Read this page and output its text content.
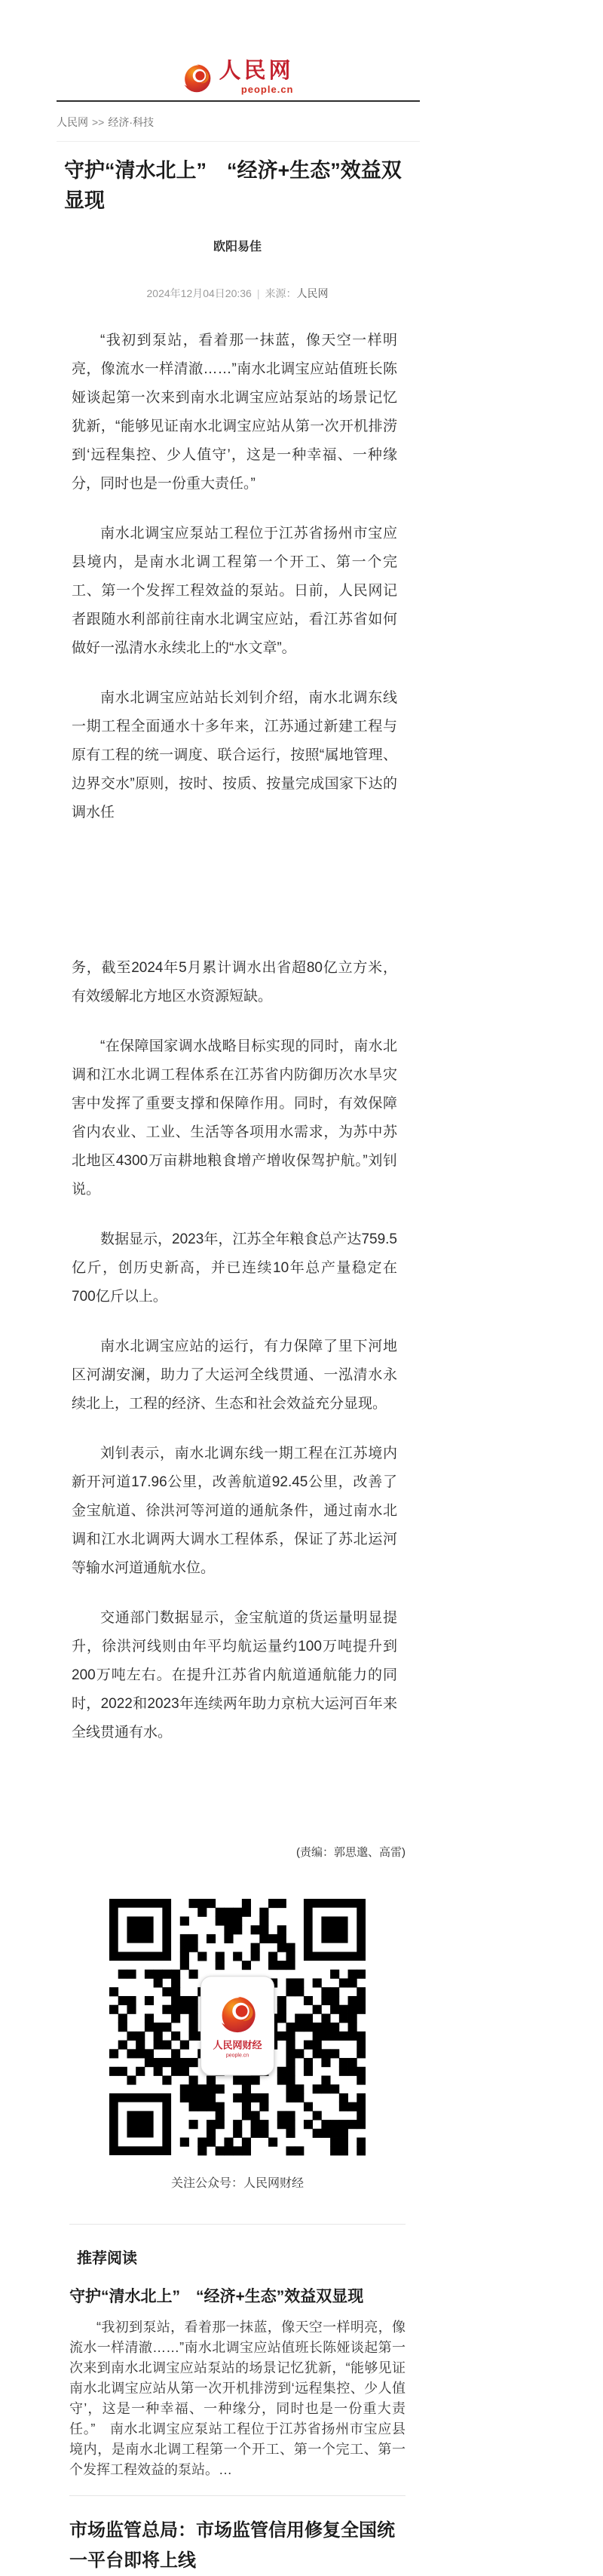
人民网
people.cn
人民网 >> 经济·科技
守护“清水北上”　“经济+生态”效益双显现
欧阳易佳
2024年12月04日20:36 | 来源：人民网

“我初到泵站，看着那一抹蓝，像天空一样明亮，像流水一样清澈……”南水北调宝应站值班长陈娅谈起第一次来到南水北调宝应站泵站的场景记忆犹新，“能够见证南水北调宝应站从第一次开机排涝到‘远程集控、少人值守’，这是一种幸福、一种缘分，同时也是一份重大责任。”

南水北调宝应泵站工程位于江苏省扬州市宝应县境内，是南水北调工程第一个开工、第一个完工、第一个发挥工程效益的泵站。日前，人民网记者跟随水利部前往南水北调宝应站，看江苏省如何做好一泓清水永续北上的“水文章”。

南水北调宝应站站长刘钊介绍，南水北调东线一期工程全面通水十多年来，江苏通过新建工程与原有工程的统一调度、联合运行，按照“属地管理、边界交水”原则，按时、按质、按量完成国家下达的调水任

务，截至2024年5月累计调水出省超80亿立方米，有效缓解北方地区水资源短缺。

“在保障国家调水战略目标实现的同时，南水北调和江水北调工程体系在江苏省内防御历次水旱灾害中发挥了重要支撑和保障作用。同时，有效保障省内农业、工业、生活等各项用水需求，为苏中苏北地区4300万亩耕地粮食增产增收保驾护航。”刘钊说。

数据显示，2023年，江苏全年粮食总产达759.5亿斤，创历史新高，并已连续10年总产量稳定在700亿斤以上。

南水北调宝应站的运行，有力保障了里下河地区河湖安澜，助力了大运河全线贯通、一泓清水永续北上，工程的经济、生态和社会效益充分显现。

刘钊表示，南水北调东线一期工程在江苏境内新开河道17.96公里，改善航道92.45公里，改善了金宝航道、徐洪河等河道的通航条件，通过南水北调和江水北调两大调水工程体系，保证了苏北运河等输水河道通航水位。

交通部门数据显示，金宝航道的货运量明显提升，徐洪河线则由年平均航运量约100万吨提升到200万吨左右。在提升江苏省内航道通航能力的同时，2022和2023年连续两年助力京杭大运河百年来全线贯通有水。

(责编：郭思邈、高雷)
人民网财经
people.cn
关注公众号：人民网财经
推荐阅读
守护“清水北上”　“经济+生态”效益双显现

“我初到泵站，看着那一抹蓝，像天空一样明亮，像流水一样清澈……”南水北调宝应站值班长陈娅谈起第一次来到南水北调宝应站泵站的场景记忆犹新，“能够见证南水北调宝应站从第一次开机排涝到‘远程集控、少人值守’，这是一种幸福、一种缘分，同时也是一份重大责任。”　南水北调宝应泵站工程位于江苏省扬州市宝应县境内，是南水北调工程第一个开工、第一个完工、第一个发挥工程效益的泵站。…

市场监管总局：市场监管信用修复全国统一平台即将上线
